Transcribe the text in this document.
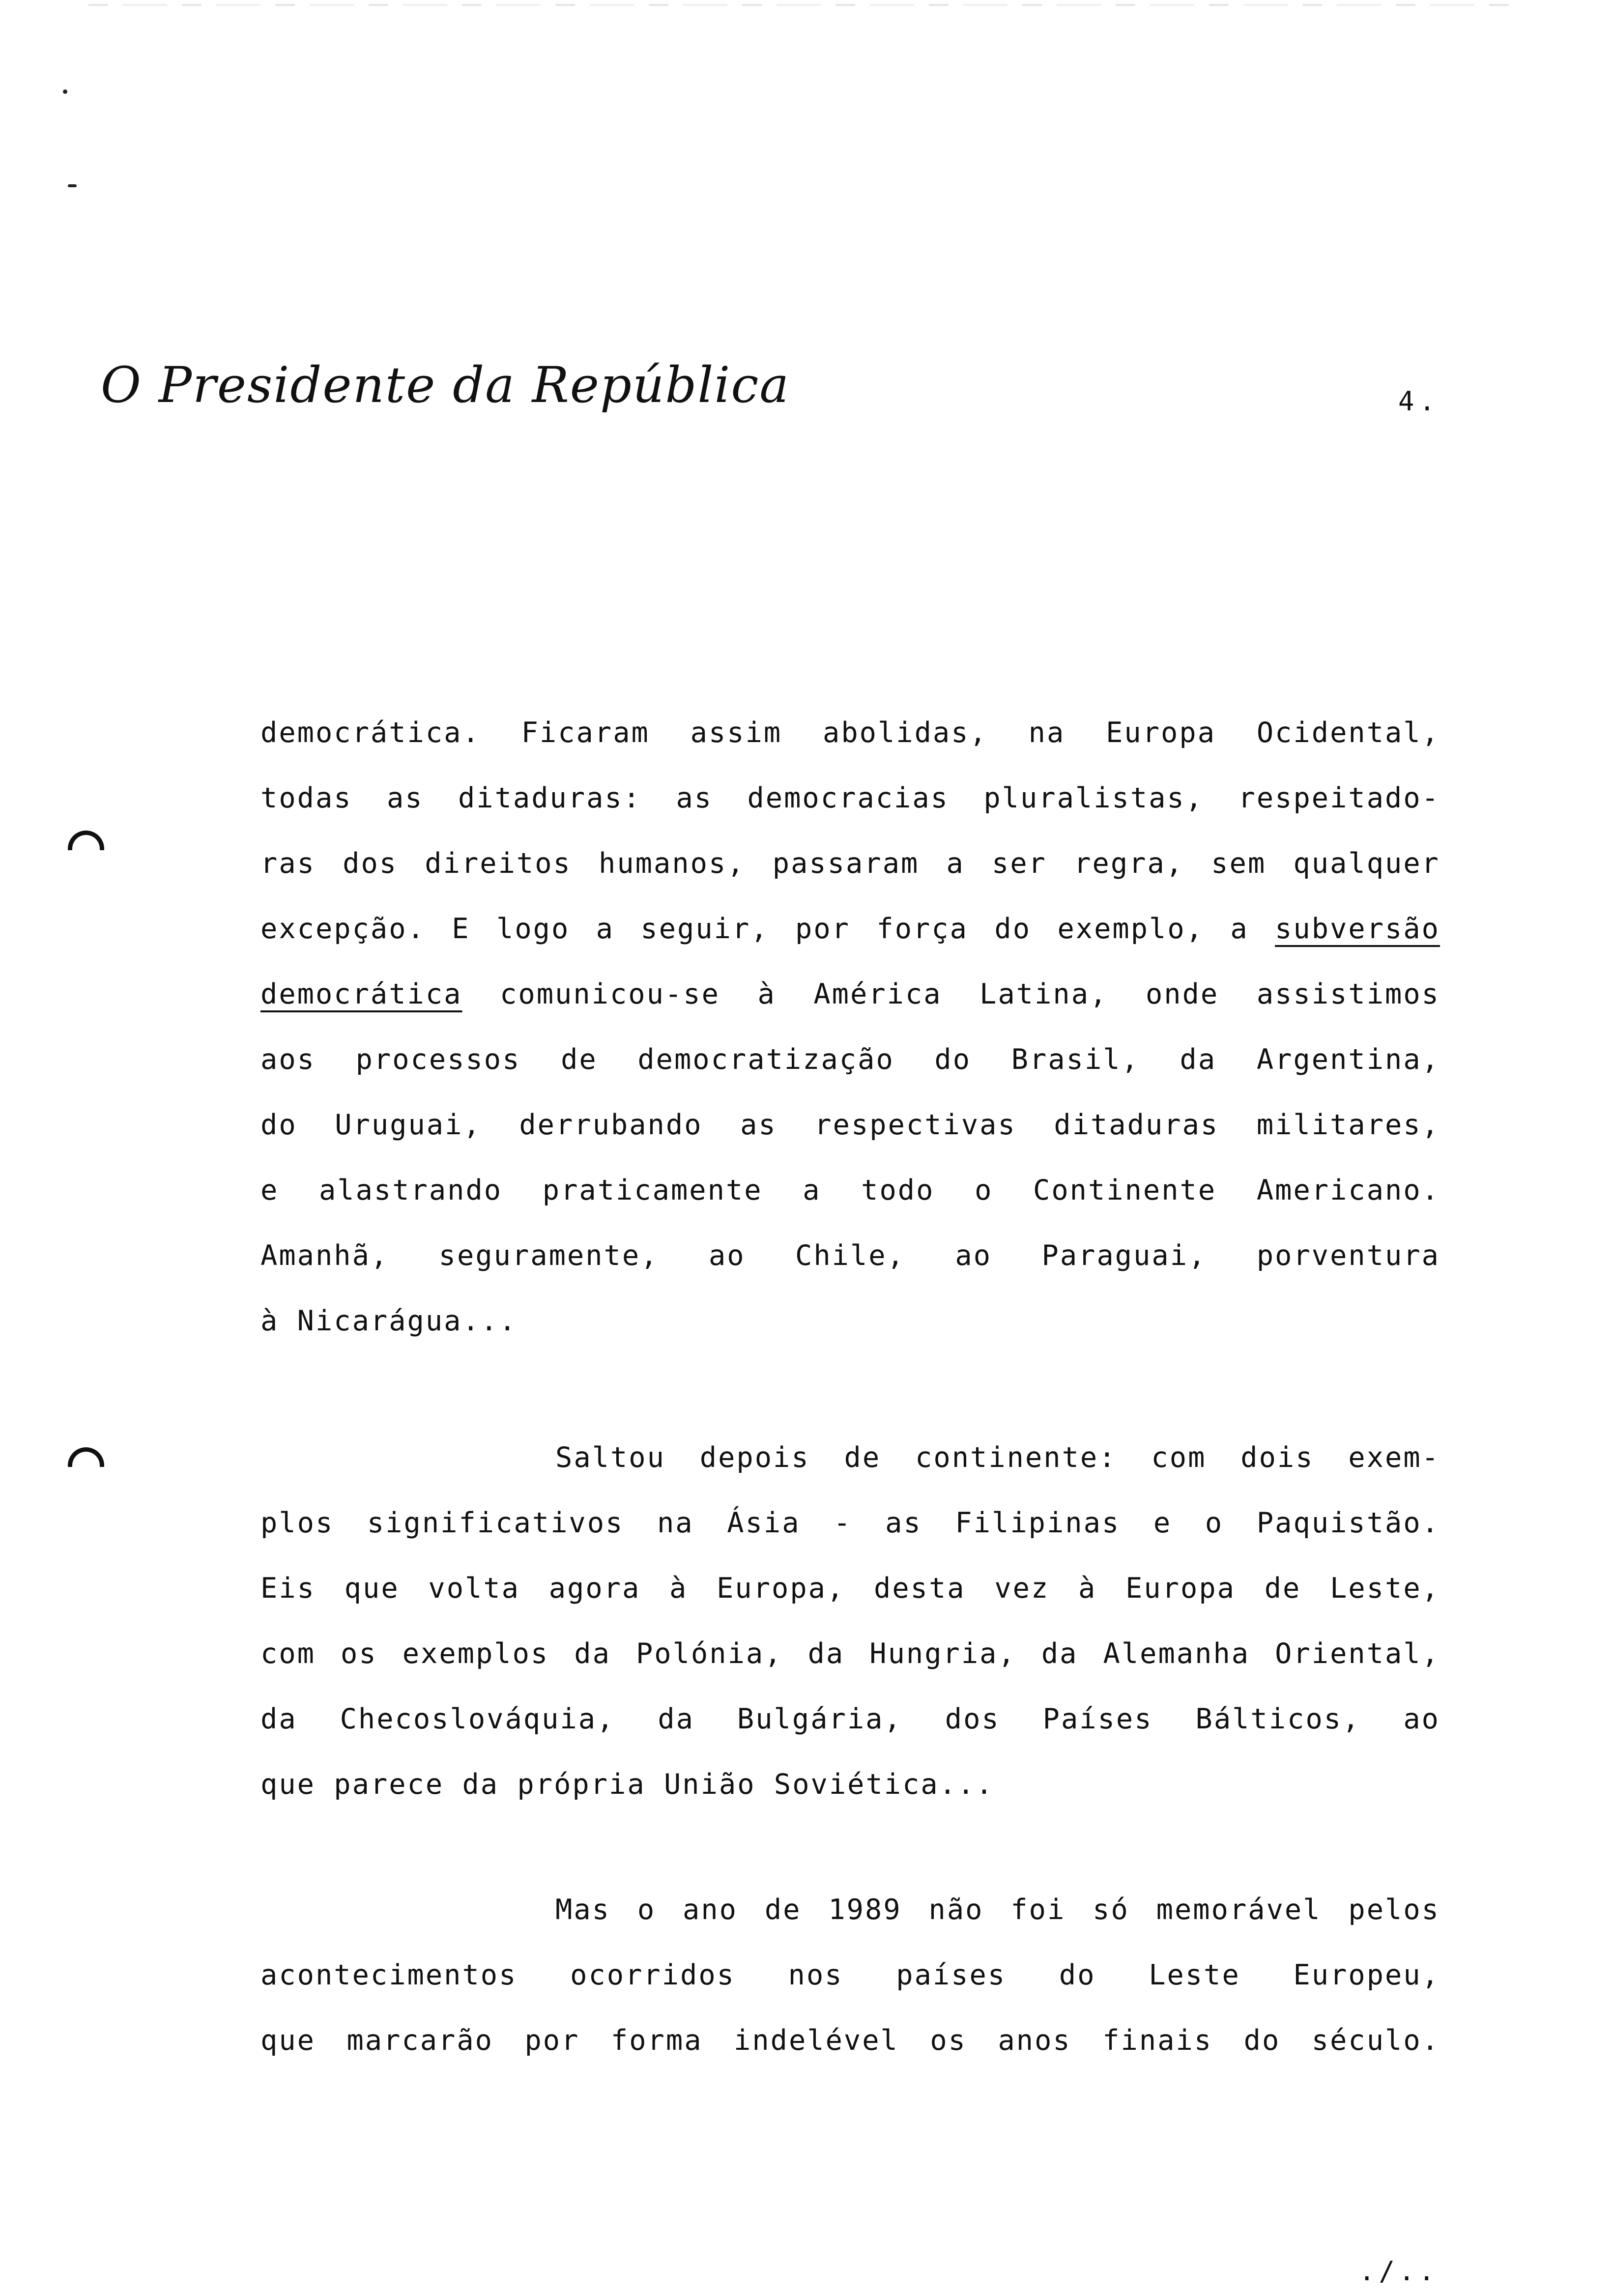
O Presidente da República	4.
democrática. Ficaram assim abolidas, na Europa Ocidental,
todas as ditaduras: as democracias pluralistas, respeitado-
ras dos direitos humanos, passaram a ser regra, sem qualquer
excepção. E logo a seguir, por força do exemplo, a subversão
democrática comunicou-se à América Latina, onde assistimos
aos processos de democratização do Brasil, da Argentina,
do Uruguai, derrubando as respectivas ditaduras militares,
e alastrando praticamente a todo o Continente Americano.
Amanhã, seguramente, ao Chile, ao Paraguai, porventura
à Nicarágua...
Saltou depois de continente: com dois exem-
plos significativos na Ásia - as Filipinas e o Paquistão.
Eis que volta agora à Europa, desta vez à Europa de Leste,
com os exemplos da Polónia, da Hungria, da Alemanha Oriental,
da Checoslováquia, da Bulgária, dos Países Bálticos, ao
que parece da própria União Soviética...
Mas o ano de 1989 não foi só memorável pelos
acontecimentos ocorridos nos países do Leste Europeu,
que marcarão por forma indelével os anos finais do século.
./..
